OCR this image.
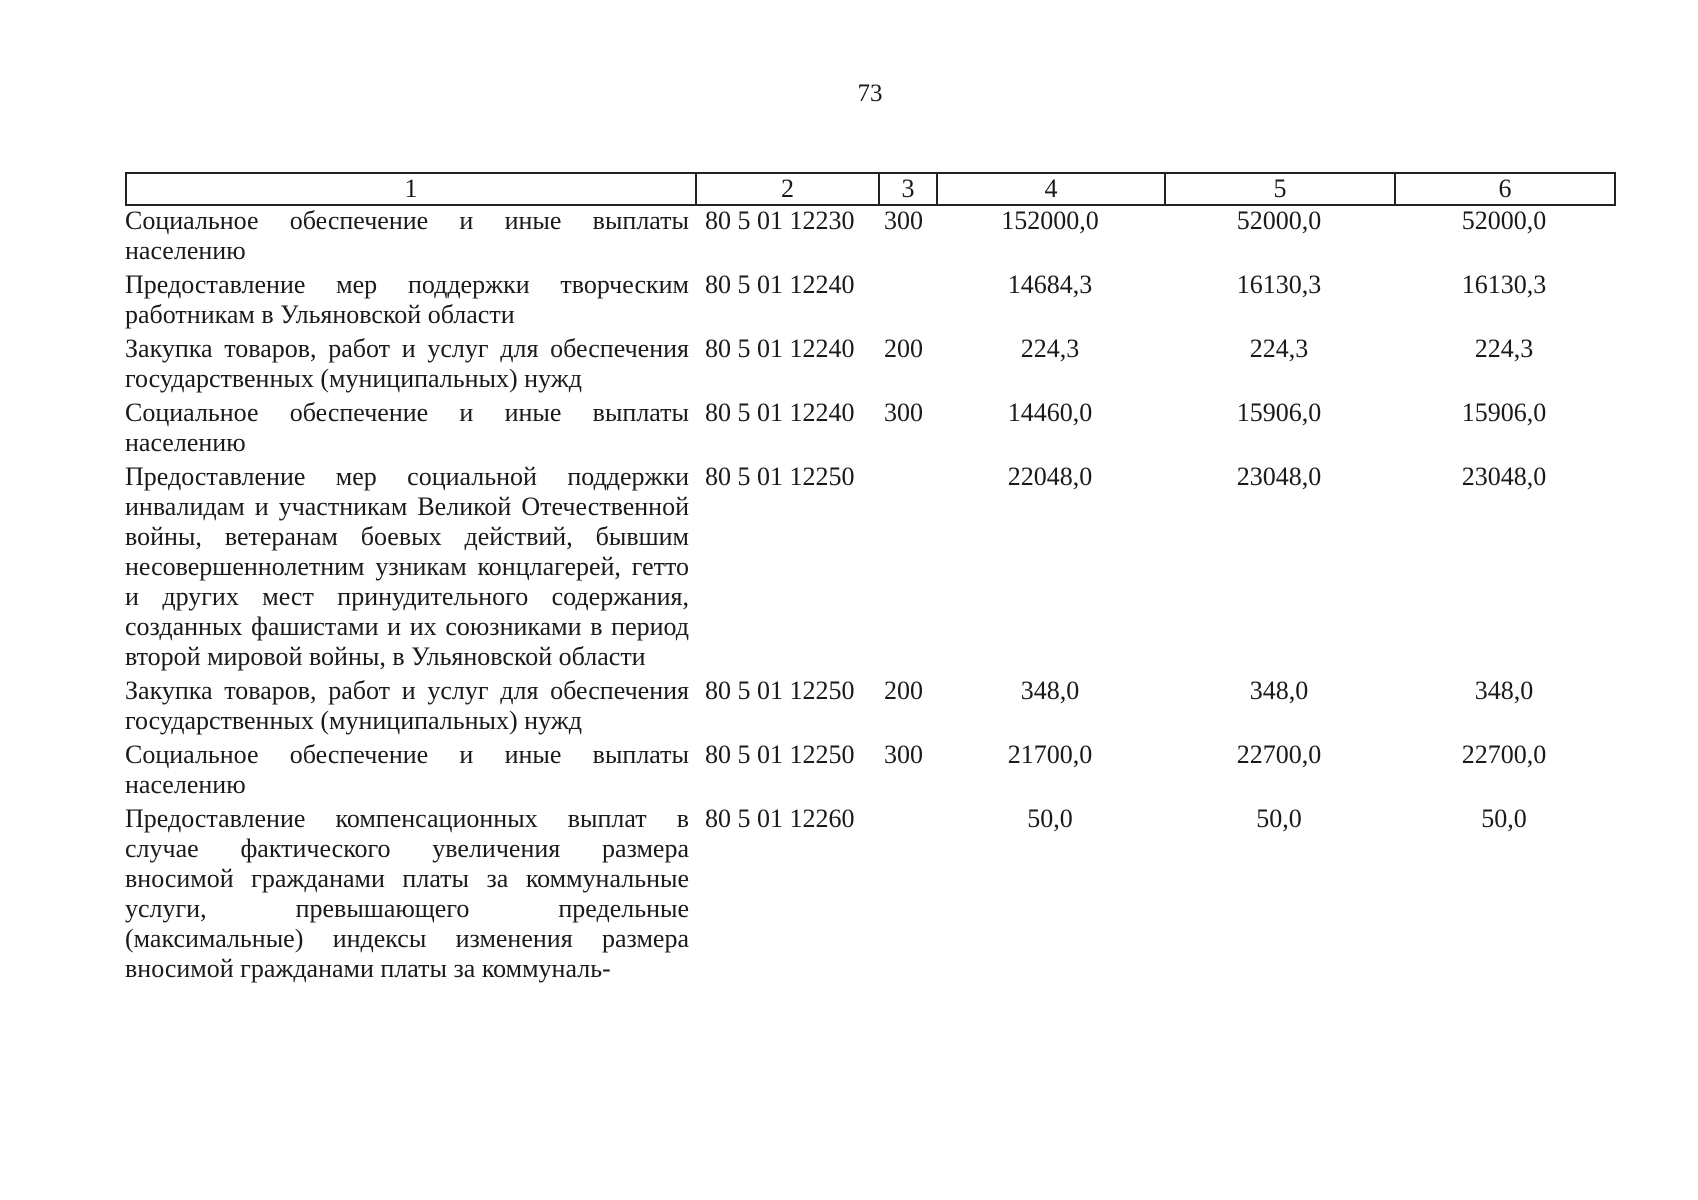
73
1	2	3	4	5	6
Социальное обеспечение и иные выплаты населению	80 5 01 12230	300	152000,0	52000,0	52000,0
Предоставление мер поддержки творческим работникам в Ульяновской области	80 5 01 12240		14684,3	16130,3	16130,3
Закупка товаров, работ и услуг для обеспечения государственных (муниципальных) нужд	80 5 01 12240	200	224,3	224,3	224,3
Социальное обеспечение и иные выплаты населению	80 5 01 12240	300	14460,0	15906,0	15906,0
Предоставление мер социальной поддержки инвалидам и участникам Великой Отечественной войны, ветеранам боевых действий, бывшим несовершеннолетним узникам концлагерей, гетто и других мест принудительного содержания, созданных фашистами и их союзниками в период второй мировой войны, в Ульяновской области	80 5 01 12250		22048,0	23048,0	23048,0
Закупка товаров, работ и услуг для обеспечения государственных (муниципальных) нужд	80 5 01 12250	200	348,0	348,0	348,0
Социальное обеспечение и иные выплаты населению	80 5 01 12250	300	21700,0	22700,0	22700,0
Предоставление компенсационных выплат в случае фактического увеличения размера вносимой гражданами платы за коммунальные услуги, превышающего предельные (максимальные) индексы изменения размера вносимой гражданами платы за коммуналь-	80 5 01 12260		50,0	50,0	50,0
